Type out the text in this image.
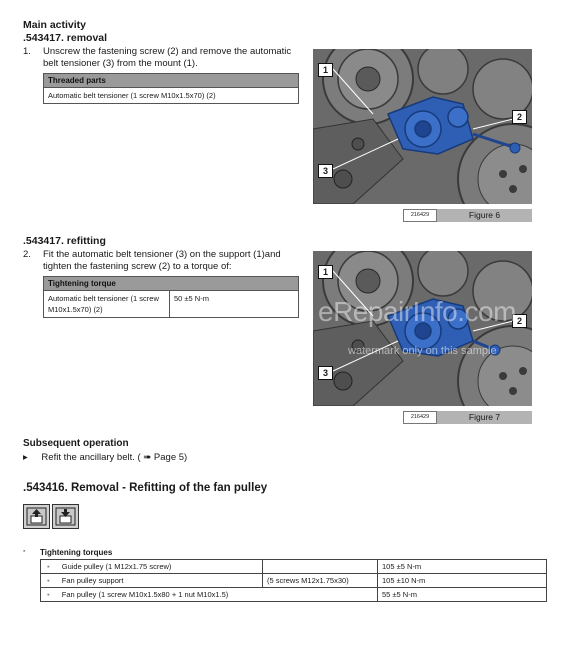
Main activity
.543417. removal
1. Unscrew the fastening screw (2) and remove the automatic belt tensioner (3) from the mount (1).
Threaded parts
Automatic belt tensioner (1 screw M10x1.5x70) (2)
1
2
3
216429	Figure 6
.543417. refitting
2. Fit the automatic belt tensioner (3) on the support (1)and tighten the fastening screw (2) to a torque of:
Tightening torque
Automatic belt tensioner (1 screw M10x1.5x70) (2)	50 ±5 N-m
1
2
3
eRepairInfo.com
watermark only on this sample
216429	Figure 7
Subsequent operation
▸ Refit the ancillary belt. ( ➠ Page 5)
.543416. Removal - Refitting of the fan pulley
▪ Tightening torques
▪ Guide pulley (1 M12x1.75 screw)		105 ±5 N-m
▪ Fan pulley support	(5 screws M12x1.75x30)	105 ±10 N-m
▪ Fan pulley (1 screw M10x1.5x80 + 1 nut M10x1.5)		55 ±5 N-m
